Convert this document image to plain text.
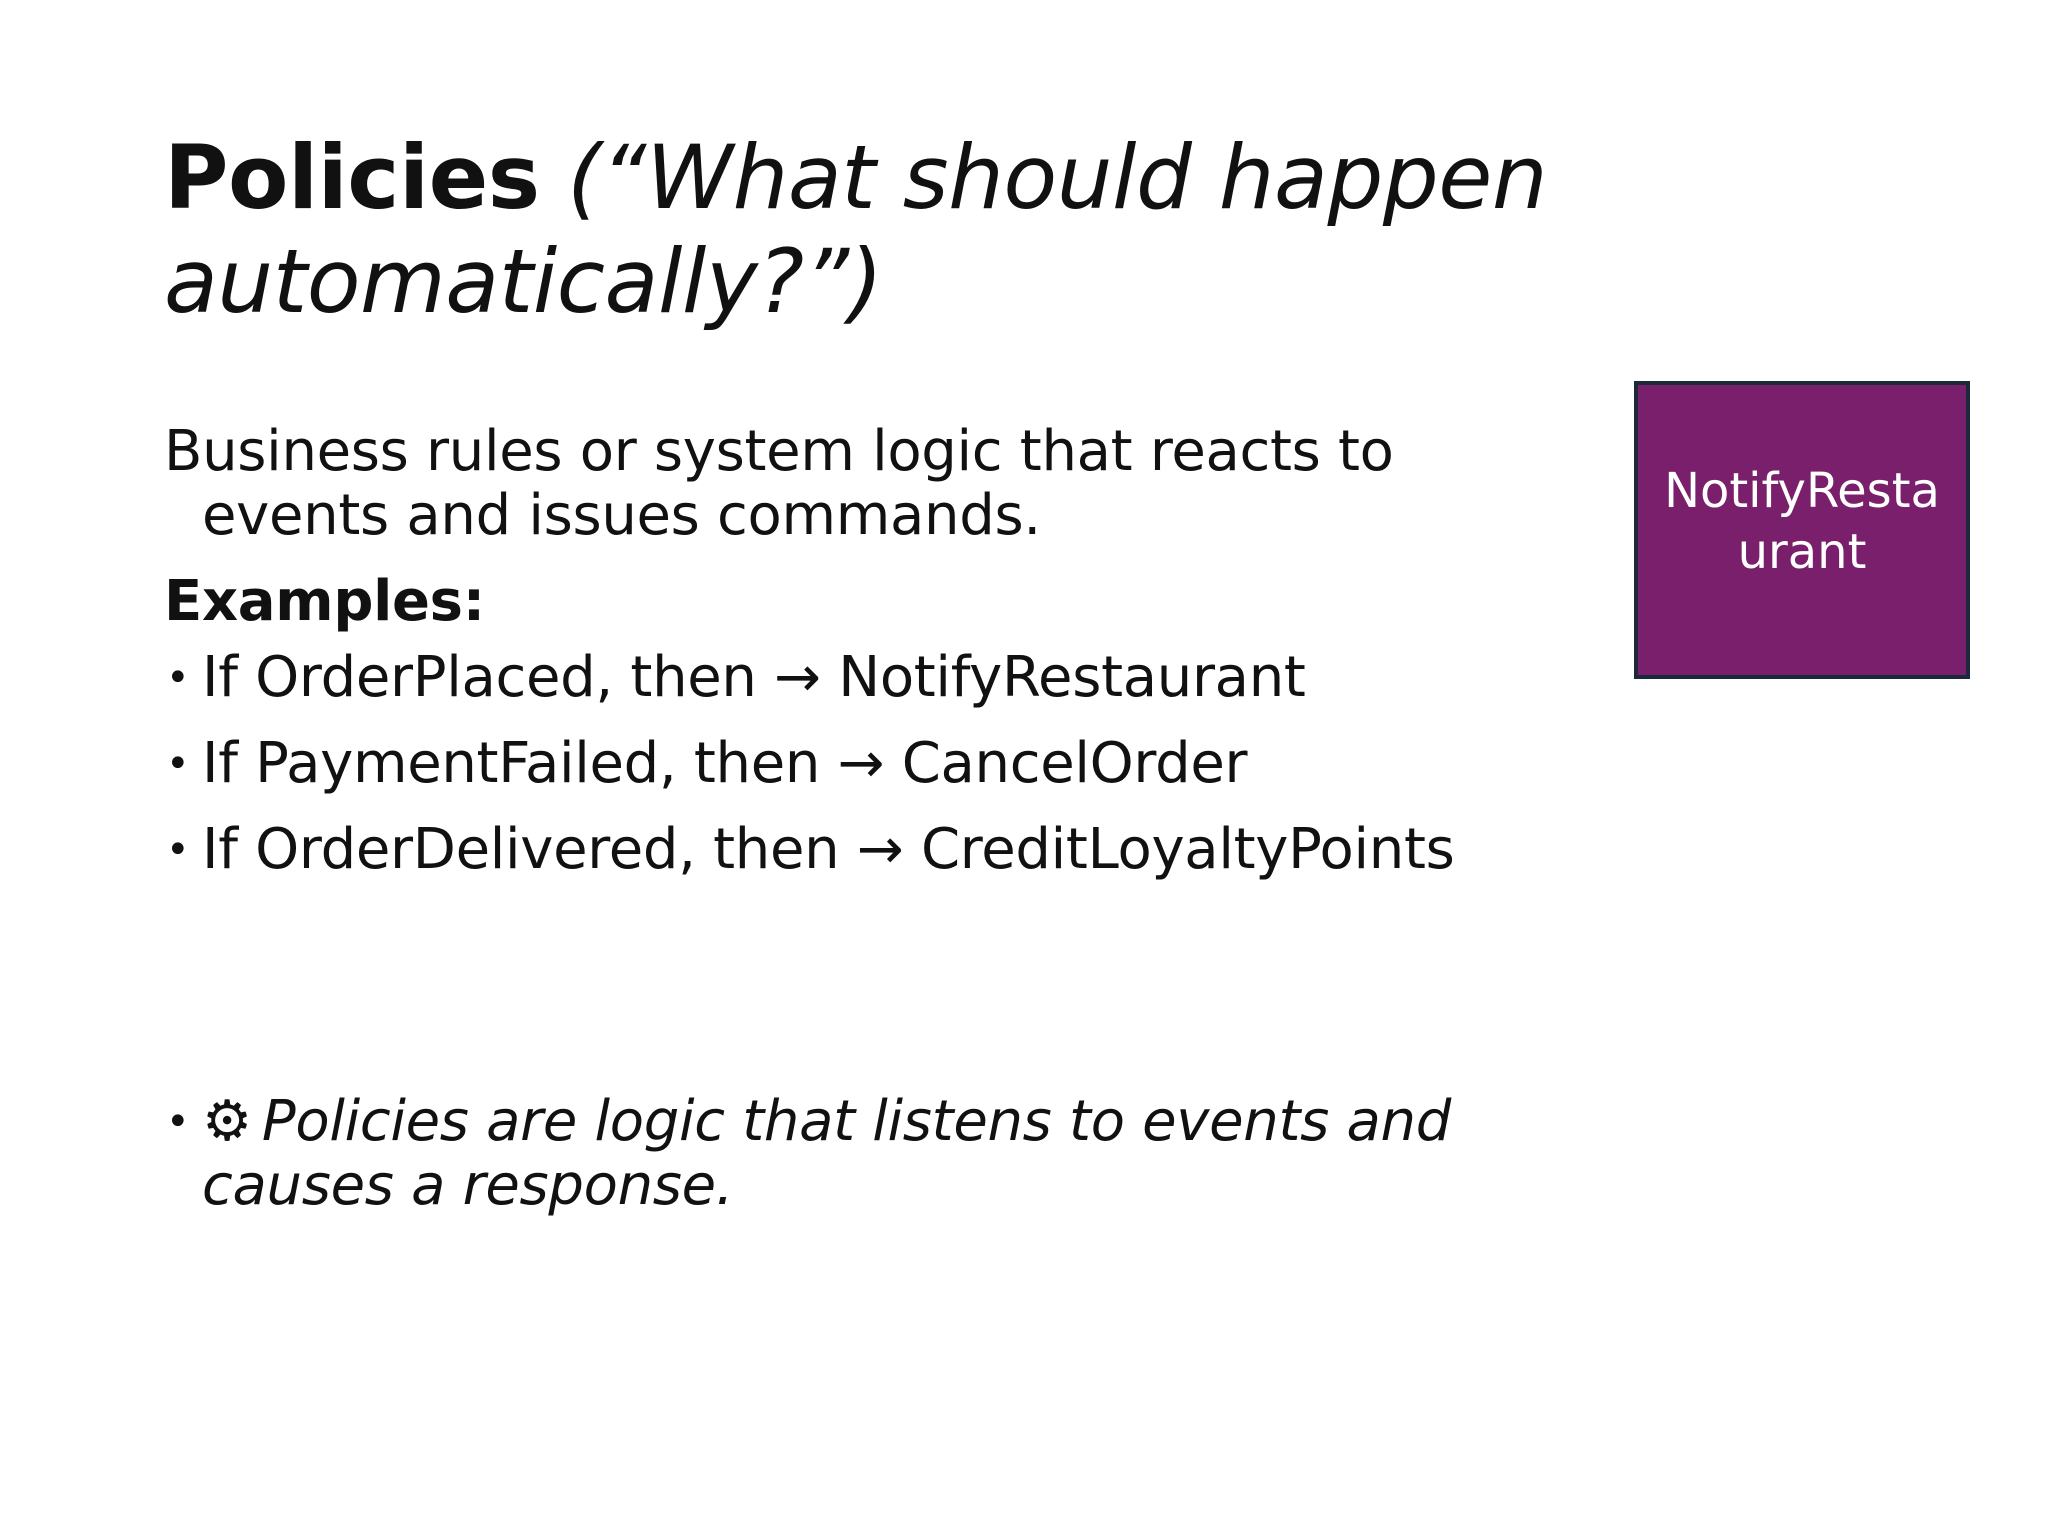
Policies (“What should happen automatically?”)

Business rules or system logic that reacts to events and issues commands.

Examples:

• If OrderPlaced, then → NotifyRestaurant
• If PaymentFailed, then → CancelOrder
• If OrderDelivered, then → CreditLoyaltyPoints
• ⚙ Policies are logic that listens to events and causes a response.
NotifyRestaurant
